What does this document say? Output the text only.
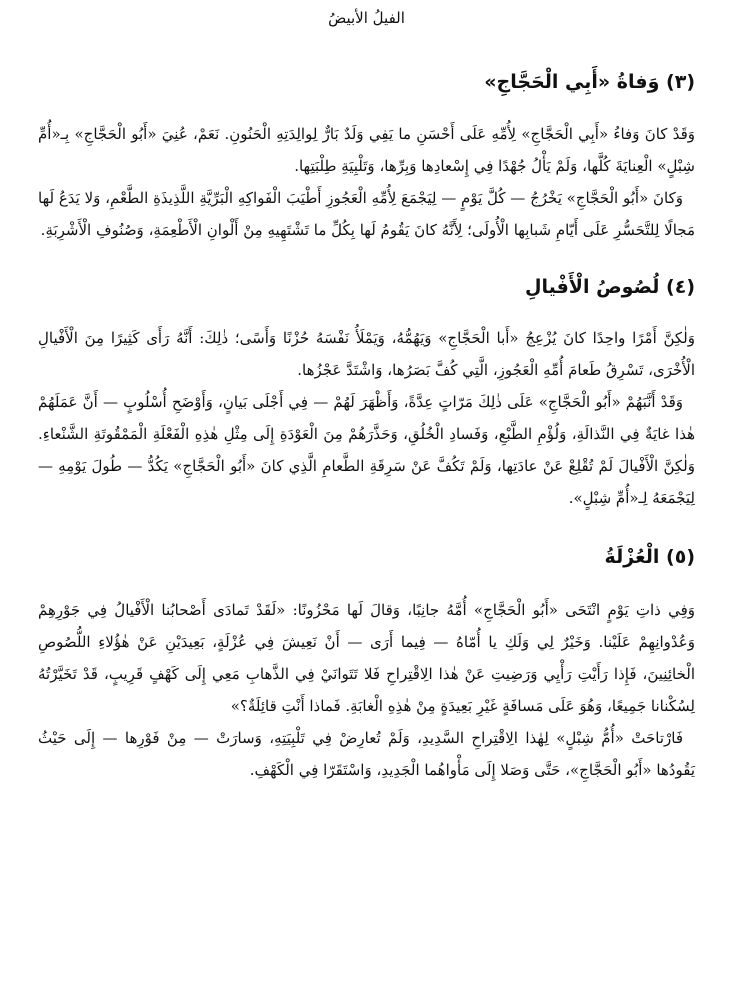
الفيلُ الأبيضُ
(٣) وَفاةُ «أَبِي الْحَجَّاجِ»

وَقَدْ كانَ وَفاءُ «أَبِي الْحَجَّاجِ» لِأُمِّهِ عَلَى أَحْسَنِ ما يَفِي وَلَدٌ بَارٌّ لِوالِدَتِهِ الْحَنُونِ. نَعَمْ، عُنِيَ «أَبُو الْحَجَّاجِ» بِـ«أُمِّ شِبْلٍ» الْعِنايَةَ كُلَّها، وَلَمْ يَأْلُ جُهْدًا فِي إِسْعادِها وَبِرِّها، وَتَلْبِيَةِ طِلْبَتِها.

وَكانَ «أَبُو الْحَجَّاجِ» يَخْرُجُ — كُلَّ يَوْمٍ — لِيَجْمَعَ لِأُمِّهِ الْعَجُوزِ أَطْيَبَ الْفَواكِهِ الْبَرِّيَّةِ اللَّذِيذَةِ الطَّعْمِ، وَلا يَدَعُ لَها مَجالًا لِلتَّحَسُّرِ عَلَى أَيّامِ شَبابِها الْأُولَى؛ لِأَنَّهُ كانَ يَقُومُ لَها بِكُلِّ ما تَشْتَهِيهِ مِنْ أَلْوانِ الْأَطْعِمَةِ، وَصُنُوفِ الْأَشْرِبَةِ.

(٤) لُصُوصُ الْأَفْيالِ

وَلٰكِنَّ أَمْرًا واحِدًا كانَ يُزْعِجُ «أَبا الْحَجَّاجِ» وَيَهُمُّهُ، وَيَمْلَأُ نَفْسَهُ حُزْنًا وَأَسًى؛ ذٰلِكَ: أَنَّهُ رَأَى كَثِيرًا مِنَ الْأَفْيالِ الْأُخْرَى، تَسْرِقُ طَعامَ أُمِّهِ الْعَجُوزِ، الَّتِي كُفَّ بَصَرُها، وَاشْتَدَّ عَجْزُها.

وَقَدْ أَنَّبَهُمْ «أَبُو الْحَجَّاجِ» عَلَى ذٰلِكَ مَرّاتٍ عِدَّةً، وَأَظْهَرَ لَهُمْ — فِي أَجْلَى بَيانٍ، وَأَوْضَحِ أُسْلُوبٍ — أَنَّ عَمَلَهُمْ هٰذا غايَةٌ فِي النَّذالَةِ، وَلُؤْمِ الطَّبْعِ، وَفَسادِ الْخُلُقِ، وَحَذَّرَهُمْ مِنَ الْعَوْدَةِ إِلَى مِثْلِ هٰذِهِ الْفَعْلَةِ الْمَمْقُوتَةِ الشَّنْعاءِ. وَلٰكِنَّ الْأَفْيالَ لَمْ تُقْلِعْ عَنْ عادَتِها، وَلَمْ تَكُفَّ عَنْ سَرِقَةِ الطَّعامِ الَّذِي كانَ «أَبُو الْحَجَّاجِ» يَكُدُّ — طُولَ يَوْمِهِ — لِيَجْمَعَهُ لِـ«أُمِّ شِبْلٍ».

(٥) الْعُزْلَةُ

وَفِي ذاتِ يَوْمٍ انْتَحَى «أَبُو الْحَجَّاجِ» أُمَّهُ جانِبًا، وَقالَ لَها مَحْزُونًا: «لَقَدْ تَمادَى أَصْحابُنا الْأَفْيالُ فِي جَوْرِهِمْ وَعُدْوانِهِمْ عَلَيْنا. وَخَيْرٌ لِي وَلَكِ يا أُمّاهُ — فِيما أَرَى — أَنْ نَعِيشَ فِي عُزْلَةٍ، بَعِيدَيْنِ عَنْ هٰؤُلاءِ اللُّصُوصِ الْخائِنِينَ، فَإِذا رَأَيْتِ رَأْيِي وَرَضِيتِ عَنْ هٰذا الِاقْتِراحِ فَلا تَتَوانَيْ فِي الذَّهابِ مَعِي إِلَى كَهْفٍ قَرِيبٍ، قَدْ تَخَيَّرْتُهُ لِسُكْنانا جَمِيعًا، وَهُوَ عَلَى مَسافَةٍ غَيْرِ بَعِيدَةٍ مِنْ هٰذِهِ الْغابَةِ. فَماذا أَنْتِ قائِلَةٌ؟»

فَارْتاحَتْ «أُمُّ شِبْلٍ» لِهٰذا الِاقْتِراحِ السَّدِيدِ، وَلَمْ تُعارِضْ فِي تَلْبِيَتِهِ، وَسارَتْ — مِنْ فَوْرِها — إِلَى حَيْثُ يَقُودُها «أَبُو الْحَجَّاجِ»، حَتَّى وَصَلا إِلَى مَأْواهُما الْجَدِيدِ، وَاسْتَقَرّا فِي الْكَهْفِ.
